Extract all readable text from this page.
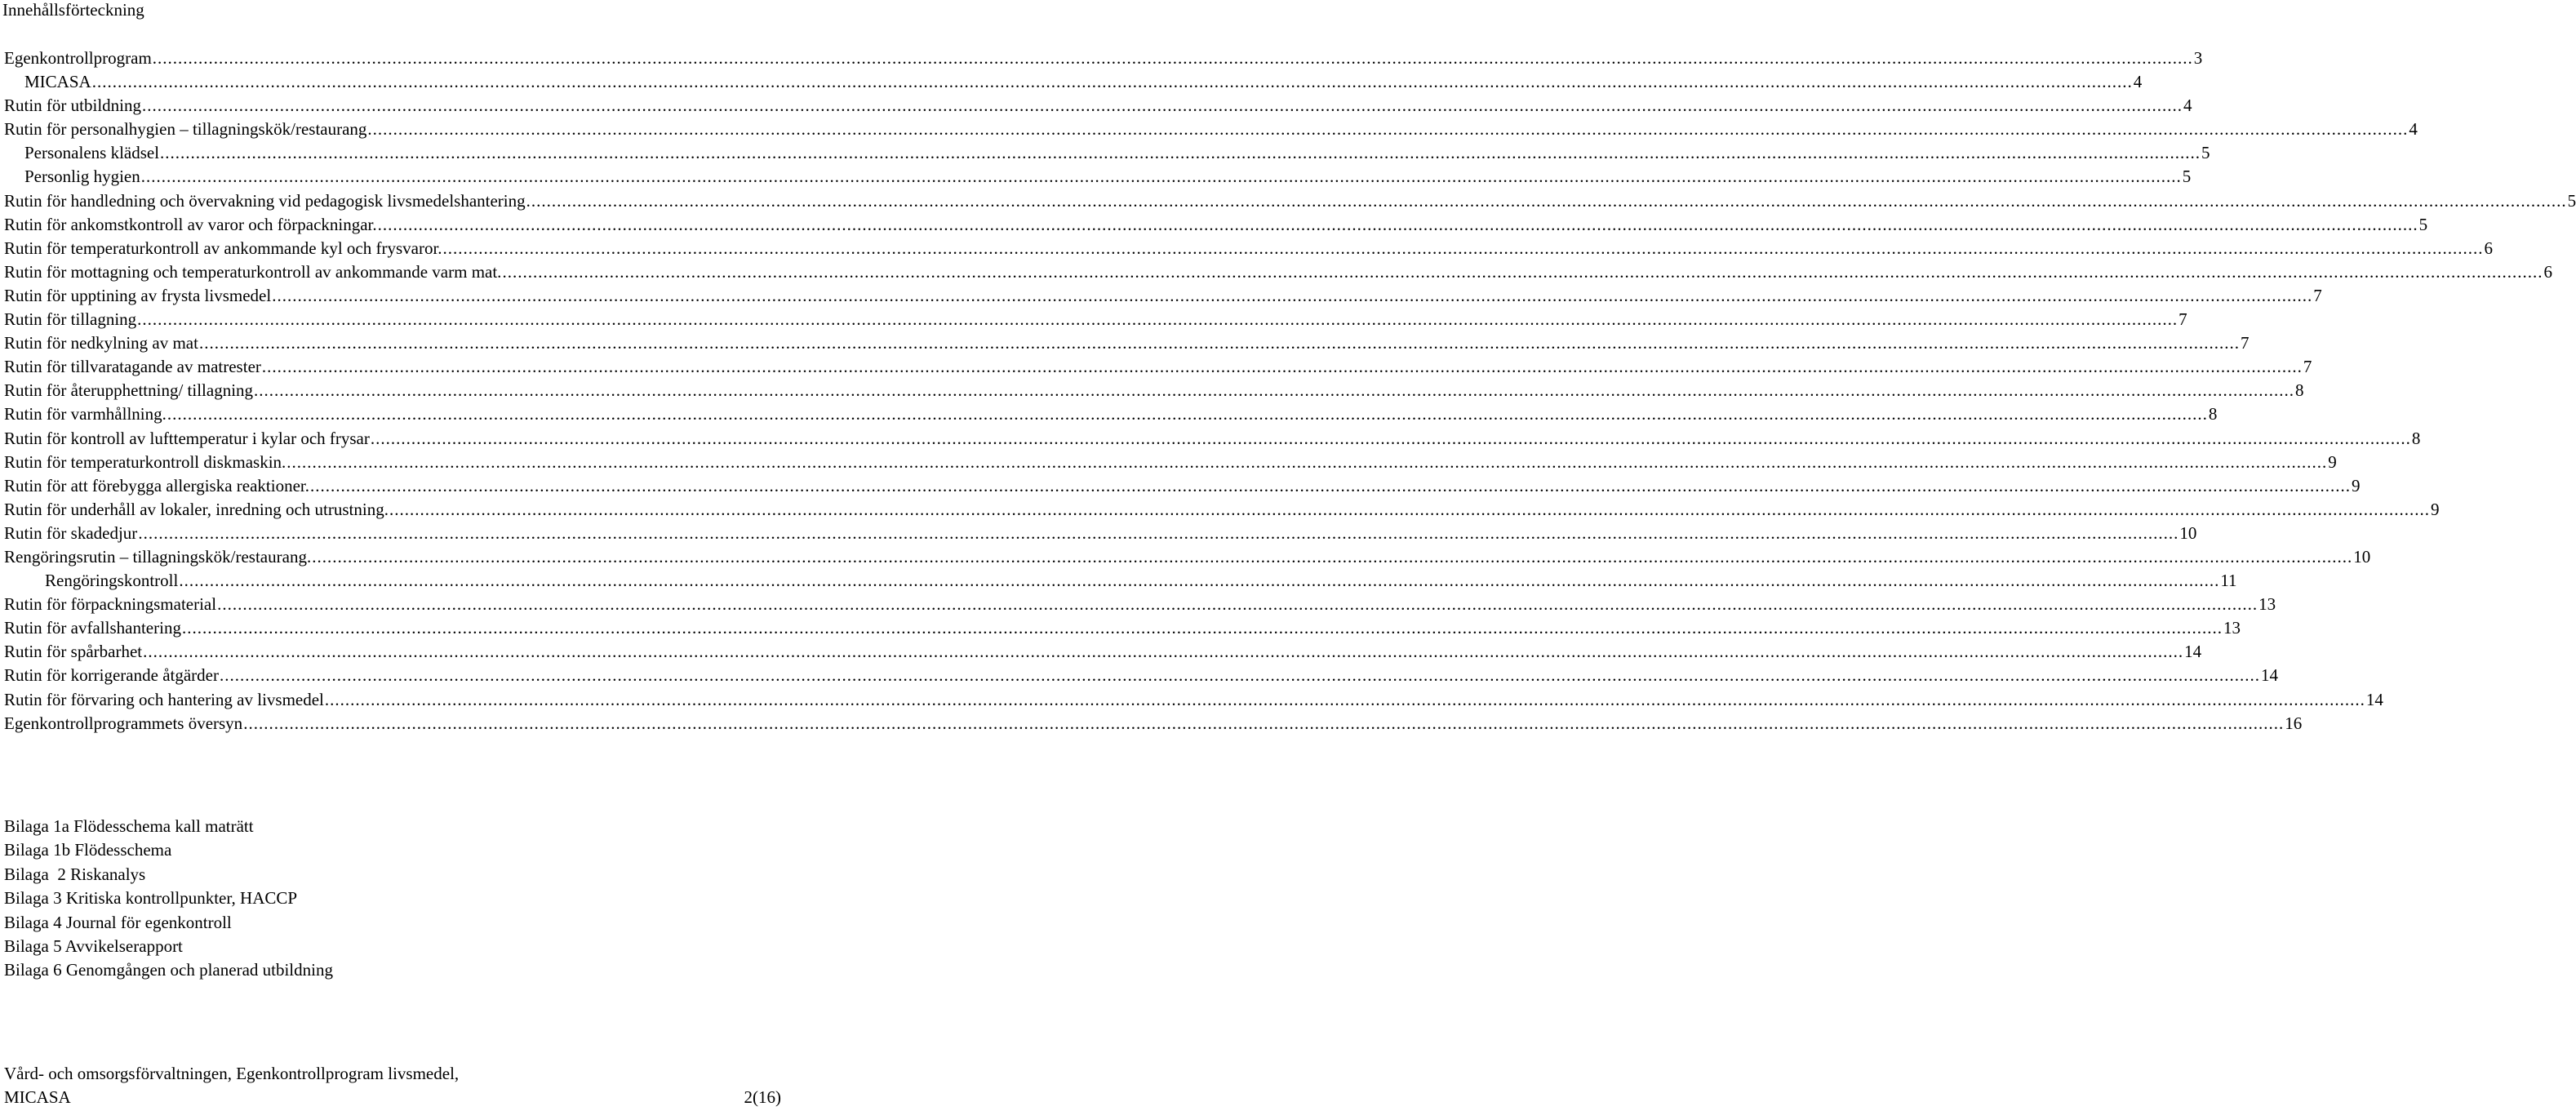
Innehållsförteckning
Egenkontrollprogram ................................................................................................................................................................................................................................................................................................................................................................................................................ 3
MICASA ................................................................................................................................................................................................................................................................................................................................................................................................................ 4
Rutin för utbildning ................................................................................................................................................................................................................................................................................................................................................................................................................ 4
Rutin för personalhygien – tillagningskök/restaurang ................................................................................................................................................................................................................................................................................................................................................................................................................ 4
Personalens klädsel ................................................................................................................................................................................................................................................................................................................................................................................................................ 5
Personlig hygien ................................................................................................................................................................................................................................................................................................................................................................................................................ 5
Rutin för handledning och övervakning vid pedagogisk livsmedelshantering ................................................................................................................................................................................................................................................................................................................................................................................................................ 5
Rutin för ankomstkontroll av varor och förpackningar. ................................................................................................................................................................................................................................................................................................................................................................................................................ 5
Rutin för temperaturkontroll av ankommande kyl och frysvaror. ................................................................................................................................................................................................................................................................................................................................................................................................................ 6
Rutin för mottagning och temperaturkontroll av ankommande varm mat. ................................................................................................................................................................................................................................................................................................................................................................................................................ 6
Rutin för upptining av frysta livsmedel ................................................................................................................................................................................................................................................................................................................................................................................................................ 7
Rutin för tillagning ................................................................................................................................................................................................................................................................................................................................................................................................................ 7
Rutin för nedkylning av mat ................................................................................................................................................................................................................................................................................................................................................................................................................ 7
Rutin för tillvaratagande av matrester ................................................................................................................................................................................................................................................................................................................................................................................................................ 7
Rutin för återupphettning/ tillagning ................................................................................................................................................................................................................................................................................................................................................................................................................ 8
Rutin för varmhållning. ................................................................................................................................................................................................................................................................................................................................................................................................................ 8
Rutin för kontroll av lufttemperatur i kylar och frysar ................................................................................................................................................................................................................................................................................................................................................................................................................ 8
Rutin för temperaturkontroll diskmaskin. ................................................................................................................................................................................................................................................................................................................................................................................................................ 9
Rutin för att förebygga allergiska reaktioner. ................................................................................................................................................................................................................................................................................................................................................................................................................ 9
Rutin för underhåll av lokaler, inredning och utrustning. ................................................................................................................................................................................................................................................................................................................................................................................................................ 9
Rutin för skadedjur ................................................................................................................................................................................................................................................................................................................................................................................................................ 10
Rengöringsrutin – tillagningskök/restaurang. ................................................................................................................................................................................................................................................................................................................................................................................................................ 10
Rengöringskontroll ................................................................................................................................................................................................................................................................................................................................................................................................................ 11
Rutin för förpackningsmaterial ................................................................................................................................................................................................................................................................................................................................................................................................................ 13
Rutin för avfallshantering ................................................................................................................................................................................................................................................................................................................................................................................................................ 13
Rutin för spårbarhet ................................................................................................................................................................................................................................................................................................................................................................................................................ 14
Rutin för korrigerande åtgärder ................................................................................................................................................................................................................................................................................................................................................................................................................ 14
Rutin för förvaring och hantering av livsmedel ................................................................................................................................................................................................................................................................................................................................................................................................................ 14
Egenkontrollprogrammets översyn ................................................................................................................................................................................................................................................................................................................................................................................................................ 16
Bilaga 1a Flödesschema kall maträtt
Bilaga 1b Flödesschema
Bilaga  2 Riskanalys
Bilaga 3 Kritiska kontrollpunkter, HACCP
Bilaga 4 Journal för egenkontroll
Bilaga 5 Avvikelserapport
Bilaga 6 Genomgången och planerad utbildning
Vård- och omsorgsförvaltningen, Egenkontrollprogram livsmedel,
MICASA	2(16)
